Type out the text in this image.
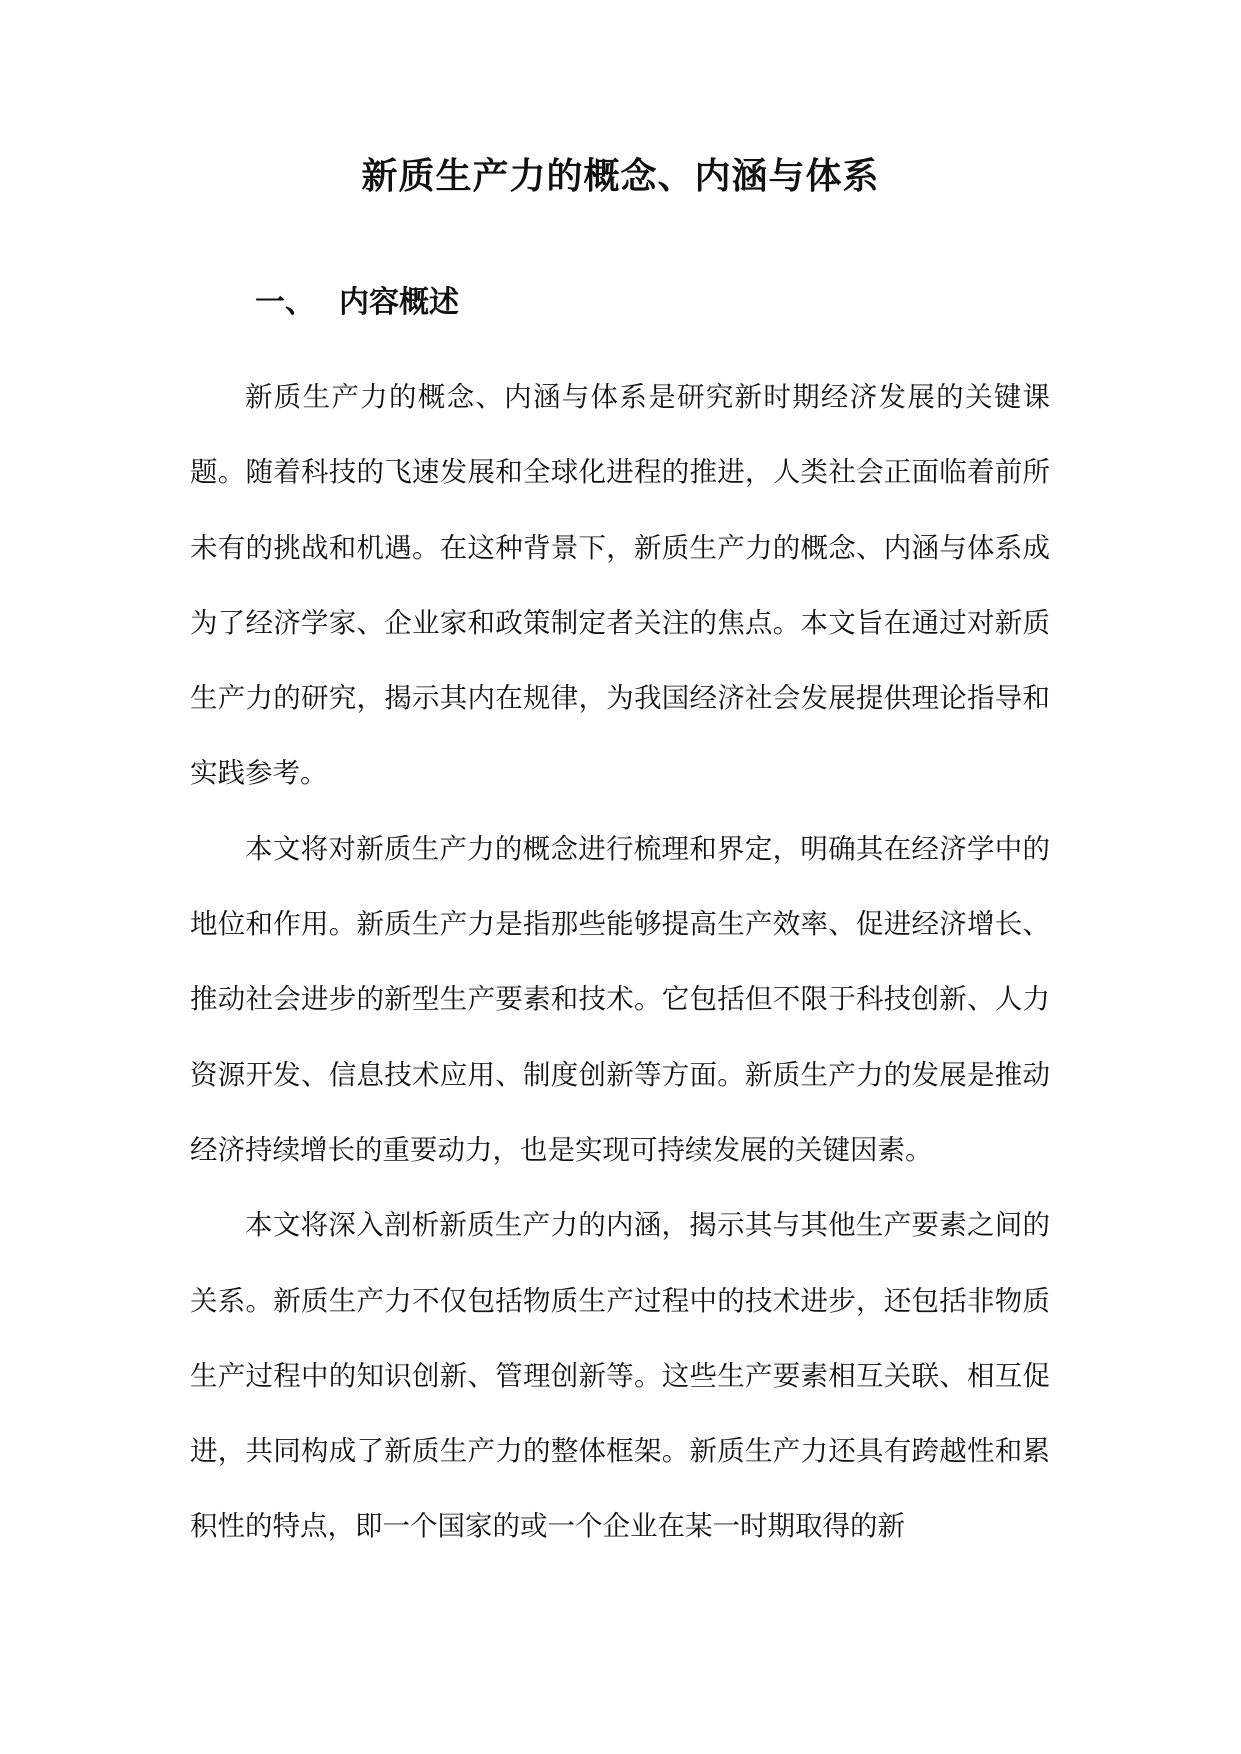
新质生产力的概念、内涵与体系
一、 内容概述

新质生产力的概念、内涵与体系是研究新时期经济发展的关键课题。随着科技的飞速发展和全球化进程的推进，人类社会正面临着前所未有的挑战和机遇。在这种背景下，新质生产力的概念、内涵与体系成为了经济学家、企业家和政策制定者关注的焦点。本文旨在通过对新质生产力的研究，揭示其内在规律，为我国经济社会发展提供理论指导和实践参考。

本文将对新质生产力的概念进行梳理和界定，明确其在经济学中的地位和作用。新质生产力是指那些能够提高生产效率、促进经济增长、推动社会进步的新型生产要素和技术。它包括但不限于科技创新、人力资源开发、信息技术应用、制度创新等方面。新质生产力的发展是推动经济持续增长的重要动力，也是实现可持续发展的关键因素。

本文将深入剖析新质生产力的内涵，揭示其与其他生产要素之间的关系。新质生产力不仅包括物质生产过程中的技术进步，还包括非物质生产过程中的知识创新、管理创新等。这些生产要素相互关联、相互促进，共同构成了新质生产力的整体框架。新质生产力还具有跨越性和累积性的特点，即一个国家的或一个企业在某一时期取得的新
